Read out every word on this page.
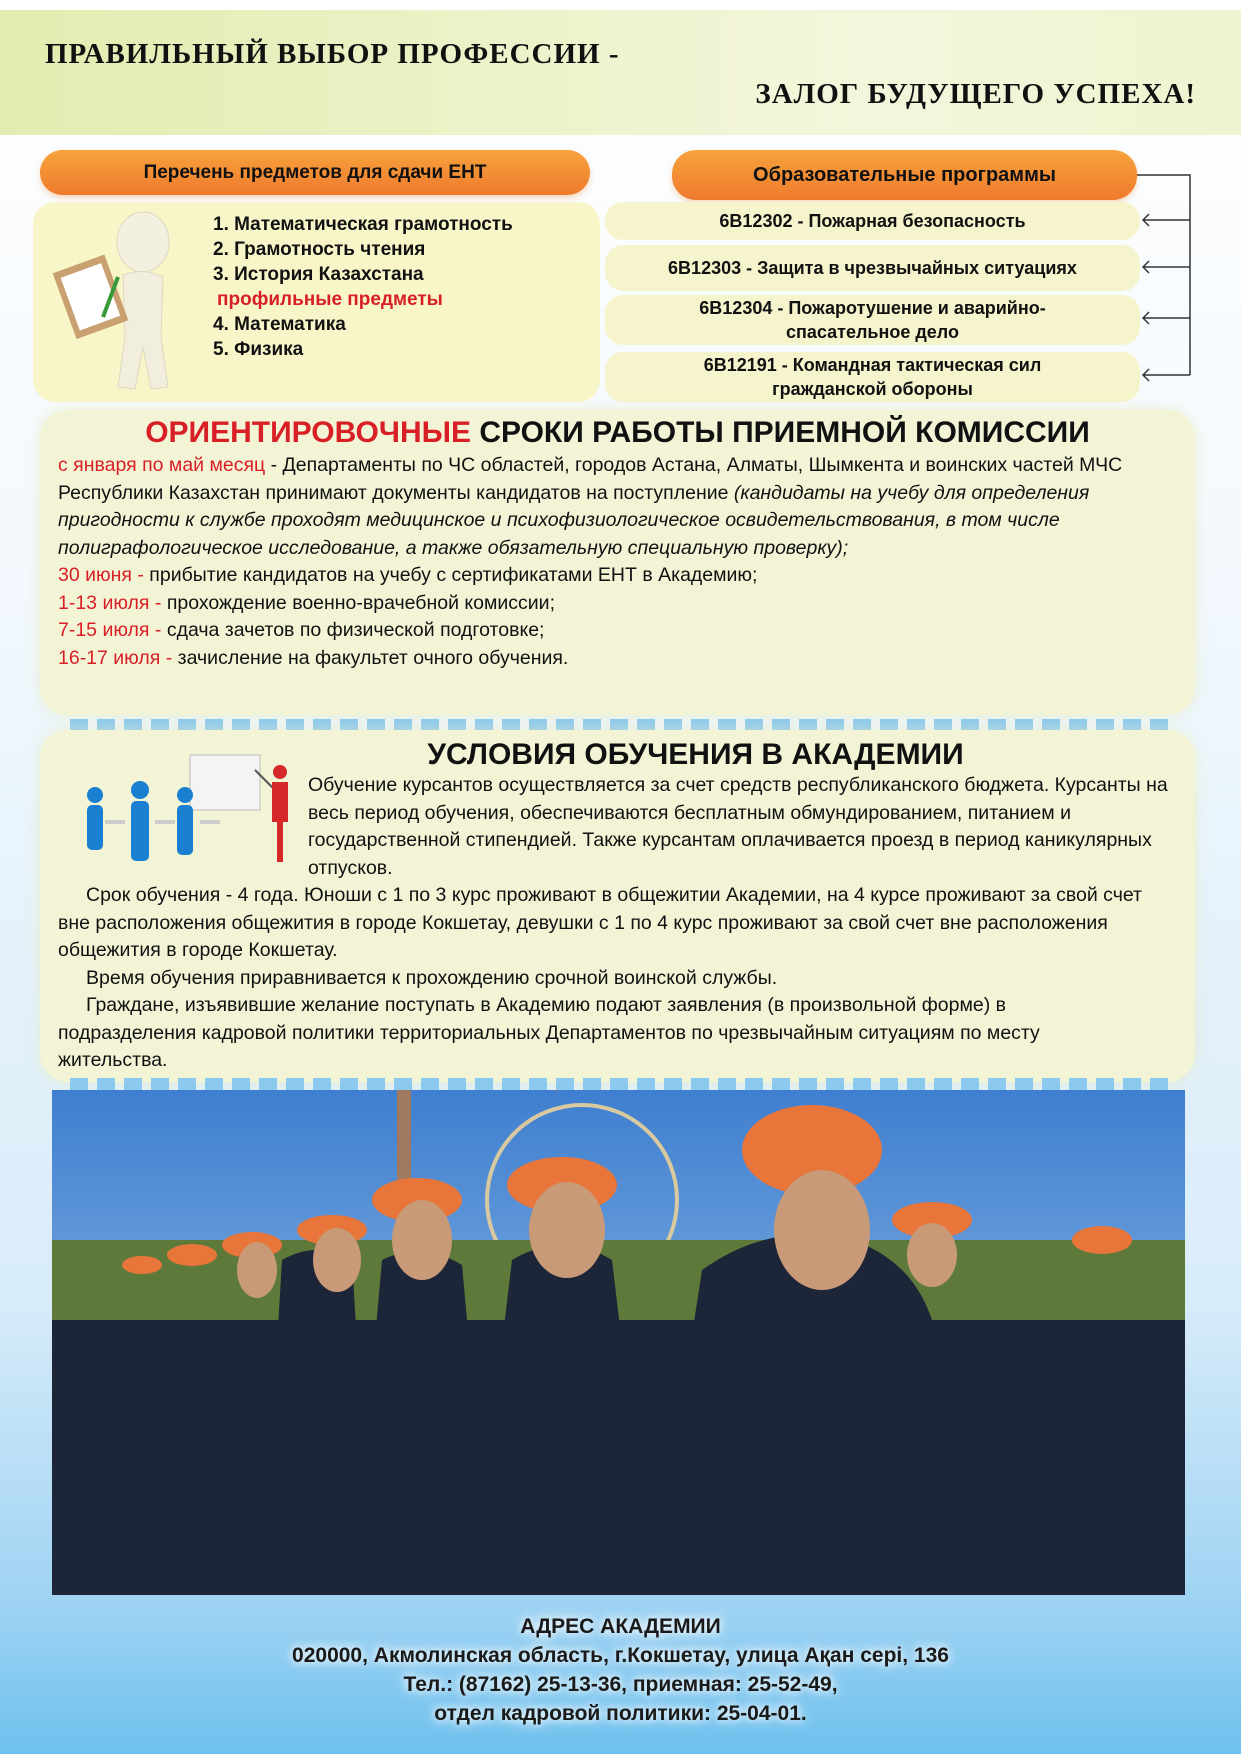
ПРАВИЛЬНЫЙ ВЫБОР ПРОФЕССИИ -
ЗАЛОГ БУДУЩЕГО УСПЕХА!
Перечень предметов для сдачи ЕНТ
1. Математическая грамотность
2. Грамотность чтения
3. История Казахстана
профильные предметы
4. Математика
5. Физика
Образовательные программы
6В12302 - Пожарная безопасность
6В12303 - Защита в чрезвычайных ситуациях
6В12304 - Пожаротушение и аварийно-спасательное дело
6В12191 - Командная тактическая сил гражданской обороны
ОРИЕНТИРОВОЧНЫЕ СРОКИ РАБОТЫ ПРИЕМНОЙ КОМИССИИ

с января по май месяц - Департаменты по ЧС областей, городов Астана, Алматы, Шымкента и воинских частей МЧС Республики Казахстан принимают документы кандидатов на поступление (кандидаты на учебу для определения пригодности к службе проходят медицинское и психофизиологическое освидетельствования, в том числе полиграфологическое исследование, а также обязательную специальную проверку);

30 июня - прибытие кандидатов на учебу с сертификатами ЕНТ в Академию;

1-13 июля - прохождение военно-врачебной комиссии;

7-15 июля - сдача зачетов по физической подготовке;

16-17 июля - зачисление на факультет очного обучения.

УСЛОВИЯ ОБУЧЕНИЯ В АКАДЕМИИ

Обучение курсантов осуществляется за счет средств республиканского бюджета. Курсанты на весь период обучения, обеспечиваются бесплатным обмундированием, питанием и государственной стипендией. Также курсантам оплачивается проезд в период каникулярных отпусков.

Срок обучения - 4 года. Юноши с 1 по 3 курс проживают в общежитии Академии, на 4 курсе проживают за свой счет вне расположения общежития в городе Кокшетау, девушки с 1 по 4 курс проживают за свой счет вне расположения общежития в городе Кокшетау.

Время обучения приравнивается к прохождению срочной воинской службы.

Граждане, изъявившие желание поступать в Академию подают заявления (в произвольной форме) в подразделения кадровой политики территориальных Департаментов по чрезвычайным ситуациям по месту жительства.

АДРЕС АКАДЕМИИ

020000, Акмолинская область, г.Кокшетау, улица Ақан сері, 136

Тел.: (87162) 25-13-36, приемная: 25-52-49,

отдел кадровой политики: 25-04-01.
